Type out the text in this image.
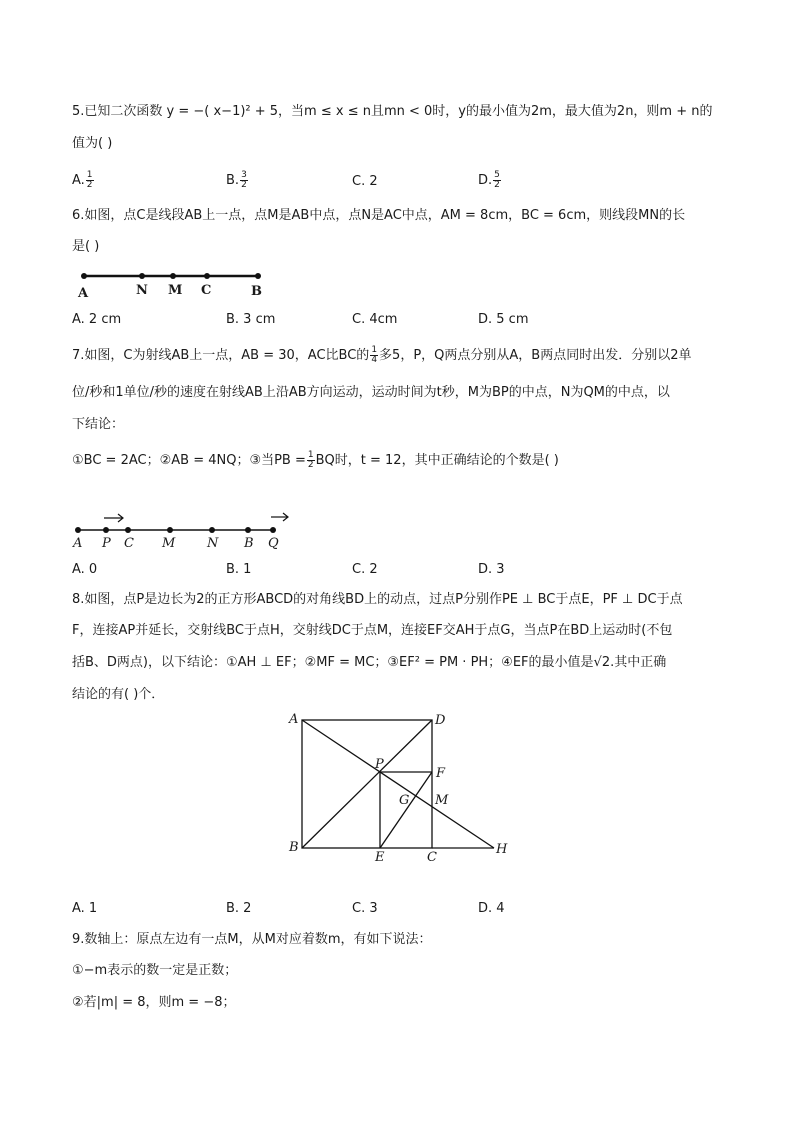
5.已知二次函数 y = −( x−1)² + 5，当m ≤ x ≤ n且mn < 0时，y的最小值为2m，最大值为2n，则m + n的
值为( )
A. $\frac{1}{2}$	B. $\frac{3}{2}$	C. 2	D. $\frac{5}{2}$
6.如图，点C是线段AB上一点，点M是AB中点，点N是AC中点，AM = 8cm，BC = 6cm，则线段MN的长
是( )
A	N M C	B
A. 2 cm	B. 3 cm	C. 4cm	D. 5 cm
7.如图，C为射线AB上一点，AB = 30，AC比BC的 $\frac{1}{4}$ 多5，P，Q两点分别从A，B两点同时出发．分别以2单
位/秒和1单位/秒的速度在射线AB上沿AB方向运动，运动时间为t秒，M为BP的中点，N为QM的中点，以
下结论：
①BC = 2AC；②AB = 4NQ；③当PB = $\frac{1}{2}$ BQ时，t = 12，其中正确结论的个数是( )
A P C M N B Q
A. 0	B. 1	C. 2	D. 3
8.如图，点P是边长为2的正方形ABCD的对角线BD上的动点，过点P分别作PE ⊥ BC于点E，PF ⊥ DC于点
F，连接AP并延长，交射线BC于点H，交射线DC于点M，连接EF交AH于点G，当点P在BD上运动时(不包
括B、D两点)，以下结论：①AH ⊥ EF；②MF = MC；③EF² = PM · PH；④EF的最小值是√2.其中正确
结论的有( )个．
A	D
P
F
G M
B
E	C
H
A. 1	B. 2	C. 3	D. 4
9.数轴上：原点左边有一点M，从M对应着数m，有如下说法：
①−m表示的数一定是正数；
②若|m| = 8，则m = −8；
